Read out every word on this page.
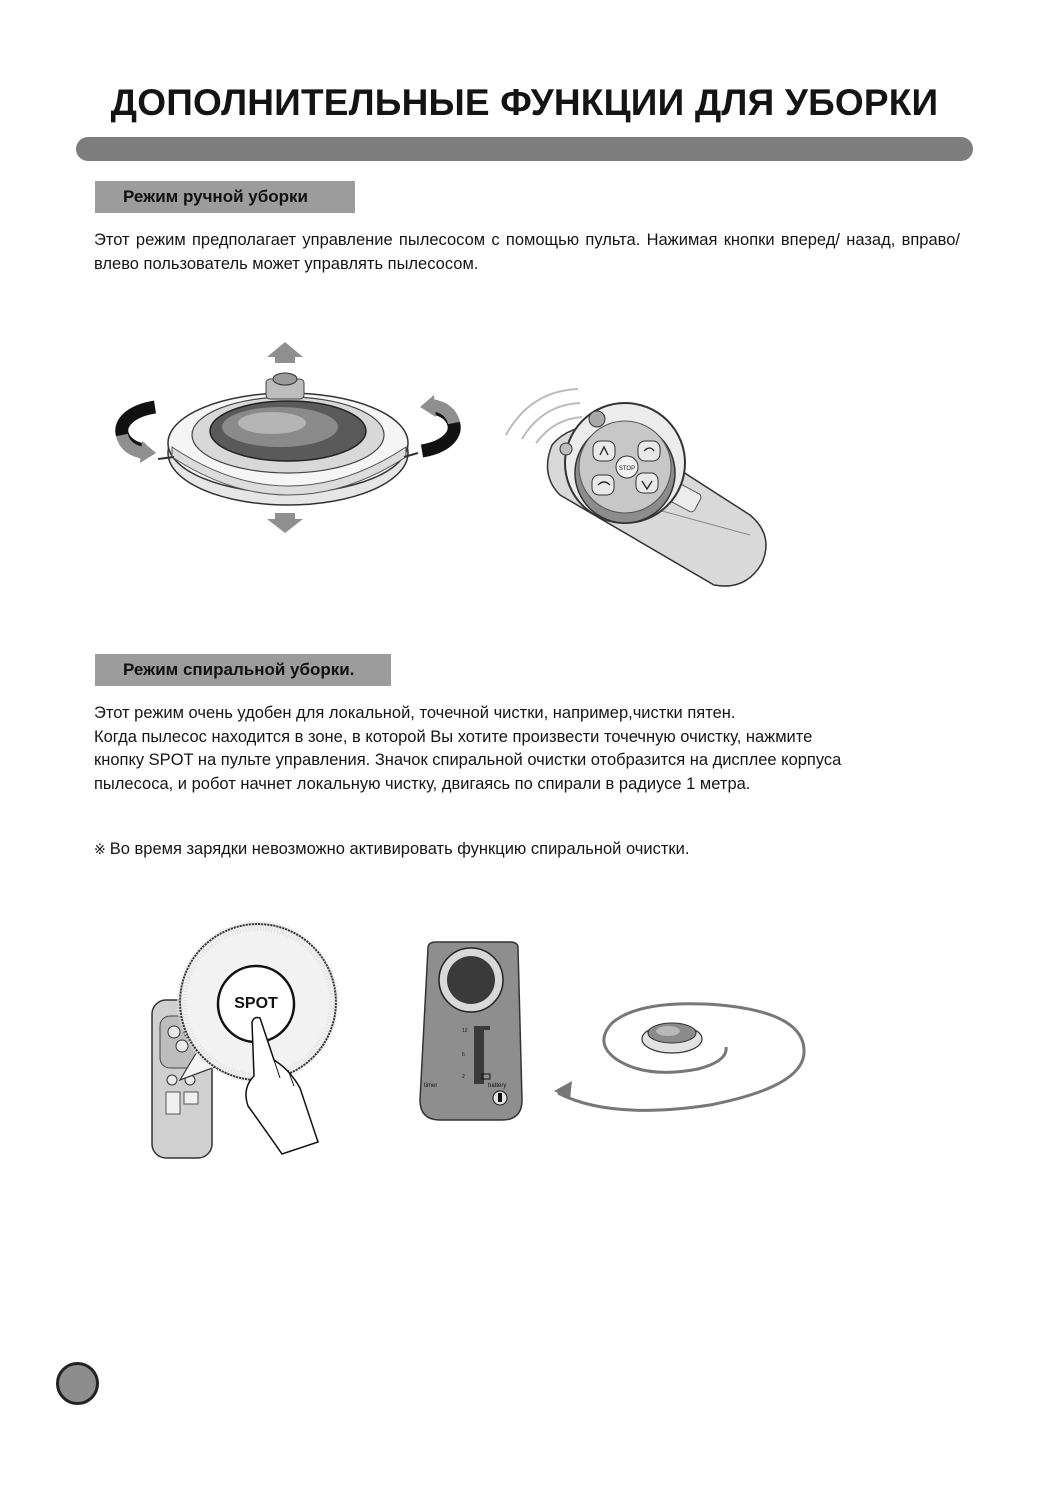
ДОПОЛНИТЕЛЬНЫЕ ФУНКЦИИ ДЛЯ УБОРКИ
Режим ручной уборки
Этот режим предполагает управление пылесосом с помощью пульта. Нажимая кнопки вперед/ назад, вправо/влево пользователь может управлять пылесосом.
STOP
Режим спиральной уборки.

Этот режим очень удобен для локальной, точечной чистки, например,чистки пятен.

Когда пылесос находится в зоне, в которой Вы хотите произвести точечную очистку, нажмите

кнопку SPOT на пульте управления. Значок спиральной очистки отобразится на дисплее корпуса

пылесоса, и робот начнет локальную чистку, двигаясь по спирали в радиусе 1 метра.

※ Во время зарядки невозможно активировать функцию спиральной очистки.
SPOT
12
6
2
timer	battery
